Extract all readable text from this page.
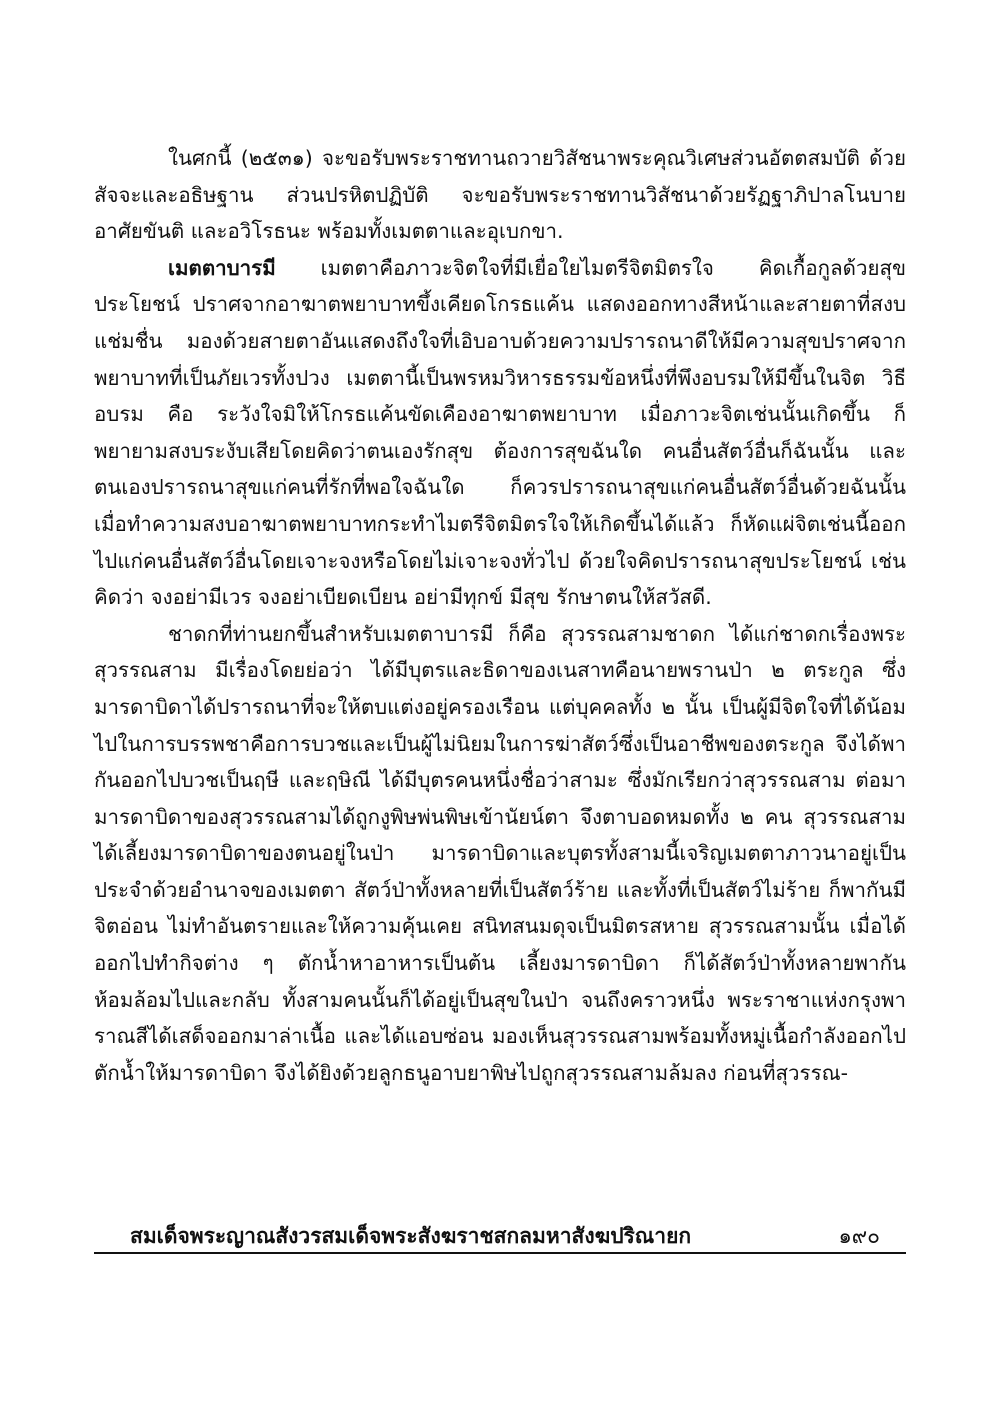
ในศกนี้ (๒๕๓๑) จะขอรับพระราชทานถวายวิสัชนาพระคุณวิเศษส่วนอัตตสมบัติ ด้วยสัจจะและอธิษฐาน ส่วนปรหิตปฏิบัติ จะขอรับพระราชทานวิสัชนาด้วยรัฏฐาภิปาลโนบาย อาศัยขันติ และอวิโรธนะ พร้อมทั้งเมตตาและอุเบกขา.

เมตตาบารมี เมตตาคือภาวะจิตใจที่มีเยื่อใยไมตรีจิตมิตรใจ คิดเกื้อกูลด้วยสุขประโยชน์ ปราศจากอาฆาตพยาบาทขึ้งเคียดโกรธแค้น แสดงออกทางสีหน้าและสายตาที่สงบแช่มชื่น มองด้วยสายตาอันแสดงถึงใจที่เอิบอาบด้วยความปรารถนาดีให้มีความสุขปราศจากพยาบาทที่เป็นภัยเวรทั้งปวง เมตตานี้เป็นพรหมวิหารธรรมข้อหนึ่งที่พึงอบรมให้มีขึ้นในจิต วิธีอบรม คือ ระวังใจมิให้โกรธแค้นขัดเคืองอาฆาตพยาบาท เมื่อภาวะจิตเช่นนั้นเกิดขึ้น ก็พยายามสงบระงับเสียโดยคิดว่าตนเองรักสุข ต้องการสุขฉันใด คนอื่นสัตว์อื่นก็ฉันนั้น และตนเองปรารถนาสุขแก่คนที่รักที่พอใจฉันใด ก็ควรปรารถนาสุขแก่คนอื่นสัตว์อื่นด้วยฉันนั้น เมื่อทำความสงบอาฆาตพยาบาทกระทำไมตรีจิตมิตรใจให้เกิดขึ้นได้แล้ว ก็หัดแผ่จิตเช่นนี้ออกไปแก่คนอื่นสัตว์อื่นโดยเจาะจงหรือโดยไม่เจาะจงทั่วไป ด้วยใจคิดปรารถนาสุขประโยชน์ เช่น คิดว่า จงอย่ามีเวร จงอย่าเบียดเบียน อย่ามีทุกข์ มีสุข รักษาตนให้สวัสดี.

ชาดกที่ท่านยกขึ้นสำหรับเมตตาบารมี ก็คือ สุวรรณสามชาดก ได้แก่ชาดกเรื่องพระสุวรรณสาม มีเรื่องโดยย่อว่า ได้มีบุตรและธิดาของเนสาทคือนายพรานป่า ๒ ตระกูล ซึ่งมารดาบิดาได้ปรารถนาที่จะให้ตบแต่งอยู่ครองเรือน แต่บุคคลทั้ง ๒ นั้น เป็นผู้มีจิตใจที่ได้น้อมไปในการบรรพชาคือการบวชและเป็นผู้ไม่นิยมในการฆ่าสัตว์ซึ่งเป็นอาชีพของตระกูล จึงได้พากันออกไปบวชเป็นฤษี และฤษิณี ได้มีบุตรคนหนึ่งชื่อว่าสามะ ซึ่งมักเรียกว่าสุวรรณสาม ต่อมามารดาบิดาของสุวรรณสามได้ถูกงูพิษพ่นพิษเข้านัยน์ตา จึงตาบอดหมดทั้ง ๒ คน สุวรรณสามได้เลี้ยงมารดาบิดาของตนอยู่ในป่า มารดาบิดาและบุตรทั้งสามนี้เจริญเมตตาภาวนาอยู่เป็นประจำด้วยอำนาจของเมตตา สัตว์ป่าทั้งหลายที่เป็นสัตว์ร้าย และทั้งที่เป็นสัตว์ไม่ร้าย ก็พากันมีจิตอ่อน ไม่ทำอันตรายและให้ความคุ้นเคย สนิทสนมดุจเป็นมิตรสหาย สุวรรณสามนั้น เมื่อได้ออกไปทำกิจต่าง ๆ ตักน้ำหาอาหารเป็นต้น เลี้ยงมารดาบิดา ก็ได้สัตว์ป่าทั้งหลายพากันห้อมล้อมไปและกลับ ทั้งสามคนนั้นก็ได้อยู่เป็นสุขในป่า จนถึงคราวหนึ่ง พระราชาแห่งกรุงพาราณสีได้เสด็จออกมาล่าเนื้อ และได้แอบซ่อน มองเห็นสุวรรณสามพร้อมทั้งหมู่เนื้อกำลังออกไปตักน้ำให้มารดาบิดา จึงได้ยิงด้วยลูกธนูอาบยาพิษไปถูกสุวรรณสามล้มลง ก่อนที่สุวรรณ-

สมเด็จพระญาณสังวรสมเด็จพระสังฆราชสกลมหาสังฆปริณายก	๑๙๐
